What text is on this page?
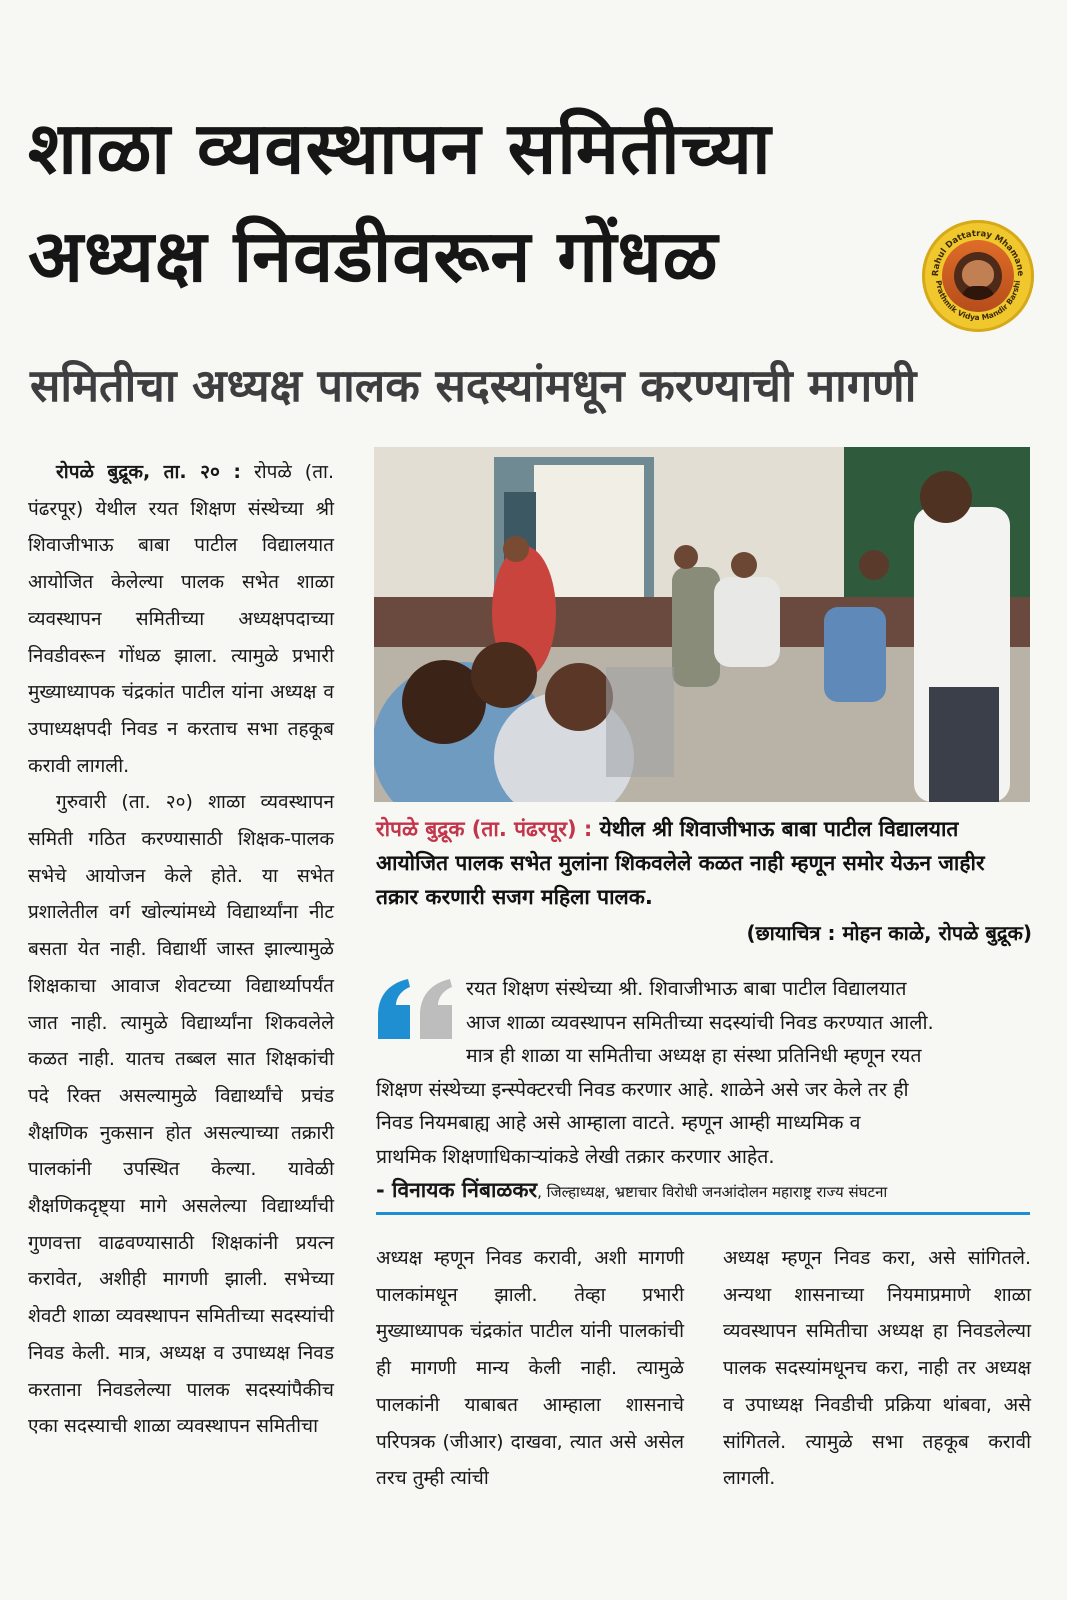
शाळा व्यवस्थापन समितीच्या
अध्यक्ष निवडीवरून गोंधळ	Rahul Dattatray Mhamane
Prathmik Vidya Mandir Barshi
समितीचा अध्यक्ष पालक सदस्यांमधून करण्याची मागणी

रोपळे बुद्रूक, ता. २० : रोपळे (ता. पंढरपूर) येथील रयत शिक्षण संस्थेच्या श्री शिवाजीभाऊ बाबा पाटील विद्यालयात आयोजित केलेल्या पालक सभेत शाळा व्यवस्थापन समितीच्या अध्यक्षपदाच्या निवडीवरून गोंधळ झाला. त्यामुळे प्रभारी मुख्याध्यापक चंद्रकांत पाटील यांना अध्यक्ष व उपाध्यक्षपदी निवड न करताच सभा तहकूब करावी लागली.

गुरुवारी (ता. २०) शाळा व्यवस्थापन समिती गठित करण्यासाठी शिक्षक-पालक सभेचे आयोजन केले होते. या सभेत प्रशालेतील वर्ग खोल्यांमध्ये विद्यार्थ्यांना नीट बसता येत नाही. विद्यार्थी जास्त झाल्यामुळे शिक्षकाचा आवाज शेवटच्या विद्यार्थ्यापर्यंत जात नाही. त्यामुळे विद्यार्थ्यांना शिकवलेले कळत नाही. यातच तब्बल सात शिक्षकांची पदे रिक्त असल्यामुळे विद्यार्थ्यांचे प्रचंड शैक्षणिक नुकसान होत असल्याच्या तक्रारी पालकांनी उपस्थित केल्या. यावेळी शैक्षणिकदृष्ट्या मागे असलेल्या विद्यार्थ्यांची गुणवत्ता वाढवण्यासाठी शिक्षकांनी प्रयत्न करावेत, अशीही मागणी झाली. सभेच्या शेवटी शाळा व्यवस्थापन समितीच्या सदस्यांची निवड केली. मात्र, अध्यक्ष व उपाध्यक्ष निवड करताना निवडलेल्या पालक सदस्यांपैकीच एका सदस्याची शाळा व्यवस्थापन समितीचा

रोपळे बुद्रूक (ता. पंढरपूर) : येथील श्री शिवाजीभाऊ बाबा पाटील विद्यालयात आयोजित पालक सभेत मुलांना शिकवलेले कळत नाही म्हणून समोर येऊन जाहीर तक्रार करणारी सजग महिला पालक.
(छायाचित्र : मोहन काळे, रोपळे बुद्रूक)
रयत शिक्षण संस्थेच्या श्री. शिवाजीभाऊ बाबा पाटील विद्यालयात
आज शाळा व्यवस्थापन समितीच्या सदस्यांची निवड करण्यात आली.
मात्र ही शाळा या समितीचा अध्यक्ष हा संस्था प्रतिनिधी म्हणून रयत
शिक्षण संस्थेच्या इन्स्पेक्टरची निवड करणार आहे. शाळेने असे जर केले तर ही
निवड नियमबाह्य आहे असे आम्हाला वाटते. म्हणून आम्ही माध्यमिक व
प्राथमिक शिक्षणाधिकाऱ्यांकडे लेखी तक्रार करणार आहेत.
- विनायक निंबाळकर, जिल्हाध्यक्ष, भ्रष्टाचार विरोधी जनआंदोलन महाराष्ट्र राज्य संघटना
अध्यक्ष म्हणून निवड करावी, अशी मागणी पालकांमधून झाली. तेव्हा प्रभारी मुख्याध्यापक चंद्रकांत पाटील यांनी पालकांची ही मागणी मान्य केली नाही. त्यामुळे पालकांनी याबाबत आम्हाला शासनाचे परिपत्रक (जीआर) दाखवा, त्यात असे असेल तरच तुम्ही त्यांची
अध्यक्ष म्हणून निवड करा, असे सांगितले. अन्यथा शासनाच्या नियमाप्रमाणे शाळा व्यवस्थापन समितीचा अध्यक्ष हा निवडलेल्या पालक सदस्यांमधूनच करा, नाही तर अध्यक्ष व उपाध्यक्ष निवडीची प्रक्रिया थांबवा, असे सांगितले. त्यामुळे सभा तहकूब करावी लागली.
